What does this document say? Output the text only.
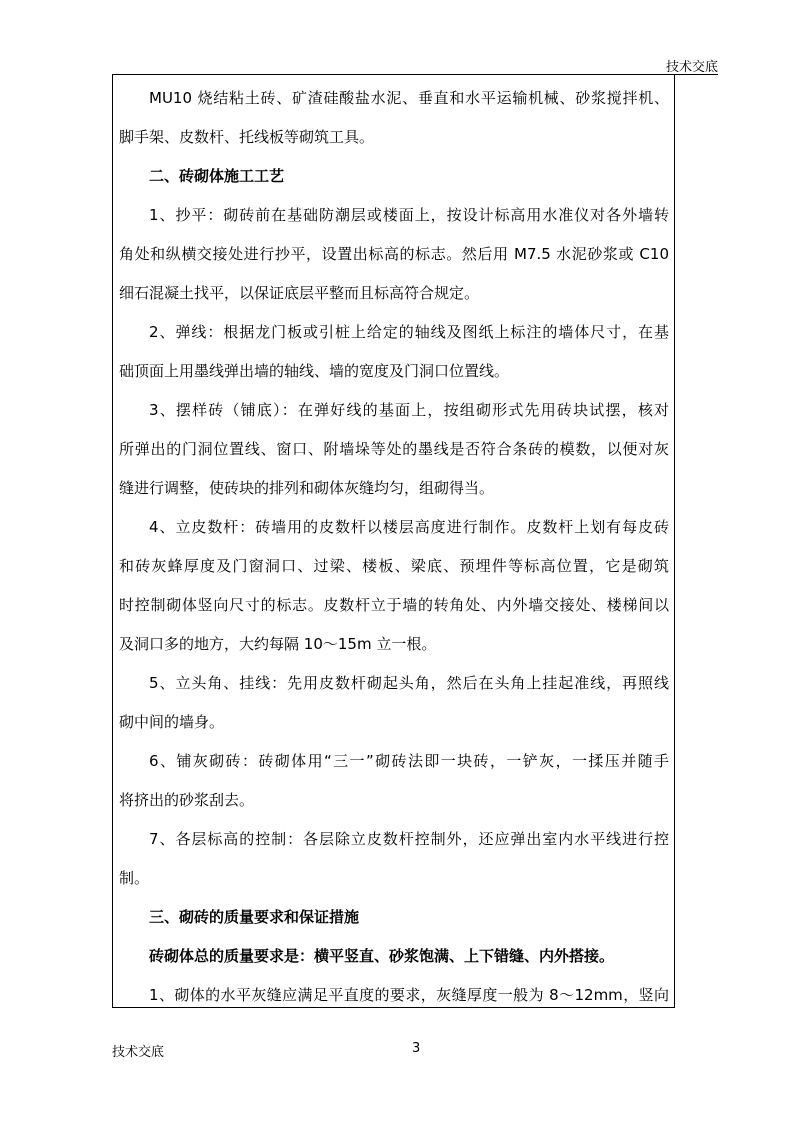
技术交底
MU10 烧结粘土砖、矿渣硅酸盐水泥、垂直和水平运输机械、砂浆搅拌机、
脚手架、皮数杆、托线板等砌筑工具。
二、砖砌体施工工艺
1、抄平：砌砖前在基础防潮层或楼面上，按设计标高用水准仪对各外墙转
角处和纵横交接处进行抄平，设置出标高的标志。然后用 M7.5 水泥砂浆或 C10
细石混凝土找平，以保证底层平整而且标高符合规定。
2、弹线：根据龙门板或引桩上给定的轴线及图纸上标注的墙体尺寸，在基
础顶面上用墨线弹出墙的轴线、墙的宽度及门洞口位置线。
3、摆样砖（铺底）：在弹好线的基面上，按组砌形式先用砖块试摆，核对
所弹出的门洞位置线、窗口、附墙垛等处的墨线是否符合条砖的模数，以便对灰
缝进行调整，使砖块的排列和砌体灰缝均匀，组砌得当。
4、立皮数杆：砖墙用的皮数杆以楼层高度进行制作。皮数杆上划有每皮砖
和砖灰蜂厚度及门窗洞口、过梁、楼板、梁底、预埋件等标高位置，它是砌筑
时控制砌体竖向尺寸的标志。皮数杆立于墙的转角处、内外墙交接处、楼梯间以
及洞口多的地方，大约每隔 10～15m 立一根。
5、立头角、挂线：先用皮数杆砌起头角，然后在头角上挂起准线，再照线
砌中间的墙身。
6、铺灰砌砖：砖砌体用“三一”砌砖法即一块砖，一铲灰，一揉压并随手
将挤出的砂浆刮去。
7、各层标高的控制：各层除立皮数杆控制外，还应弹出室内水平线进行控
制。
三、砌砖的质量要求和保证措施
砖砌体总的质量要求是：横平竖直、砂浆饱满、上下错缝、内外搭接。
1、砌体的水平灰缝应满足平直度的要求，灰缝厚度一般为 8～12mm，竖向
技术交底	3
